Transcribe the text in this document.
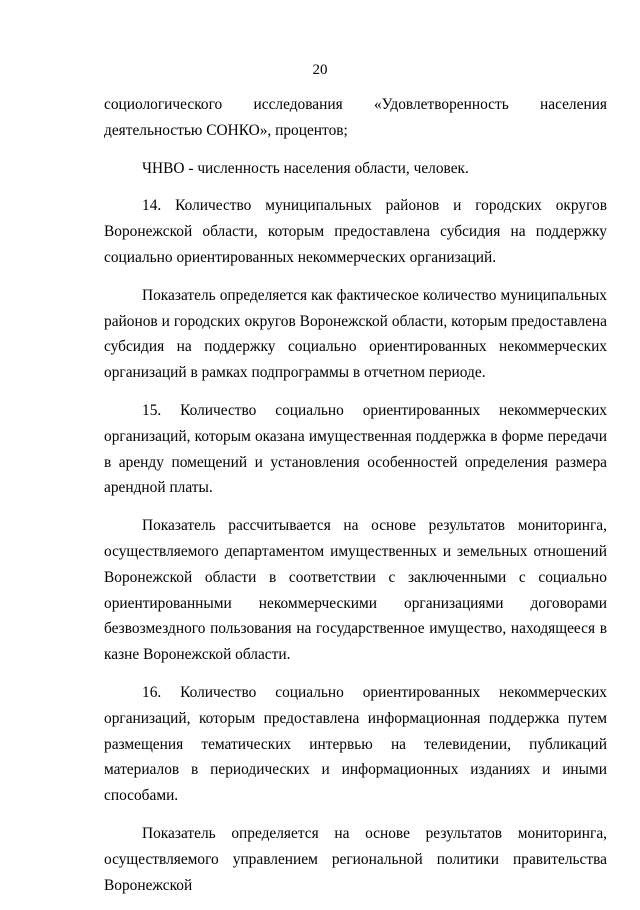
20

социологического исследования «Удовлетворенность населения деятельностью СОНКО», процентов;

ЧНВО - численность населения области, человек.

14. Количество муниципальных районов и городских округов Воронежской области, которым предоставлена субсидия на поддержку социально ориентированных некоммерческих организаций.

Показатель определяется как фактическое количество муниципальных районов и городских округов Воронежской области, которым предоставлена субсидия на поддержку социально ориентированных некоммерческих организаций в рамках подпрограммы в отчетном периоде.

15. Количество социально ориентированных некоммерческих организаций, которым оказана имущественная поддержка в форме передачи в аренду помещений и установления особенностей определения размера арендной платы.

Показатель рассчитывается на основе результатов мониторинга, осуществляемого департаментом имущественных и земельных отношений Воронежской области в соответствии с заключенными с социально ориентированными некоммерческими организациями договорами безвозмездного пользования на государственное имущество, находящееся в казне Воронежской области.

16. Количество социально ориентированных некоммерческих организаций, которым предоставлена информационная поддержка путем размещения тематических интервью на телевидении, публикаций материалов в периодических и информационных изданиях и иными способами.

Показатель определяется на основе результатов мониторинга, осуществляемого управлением региональной политики правительства Воронежской
